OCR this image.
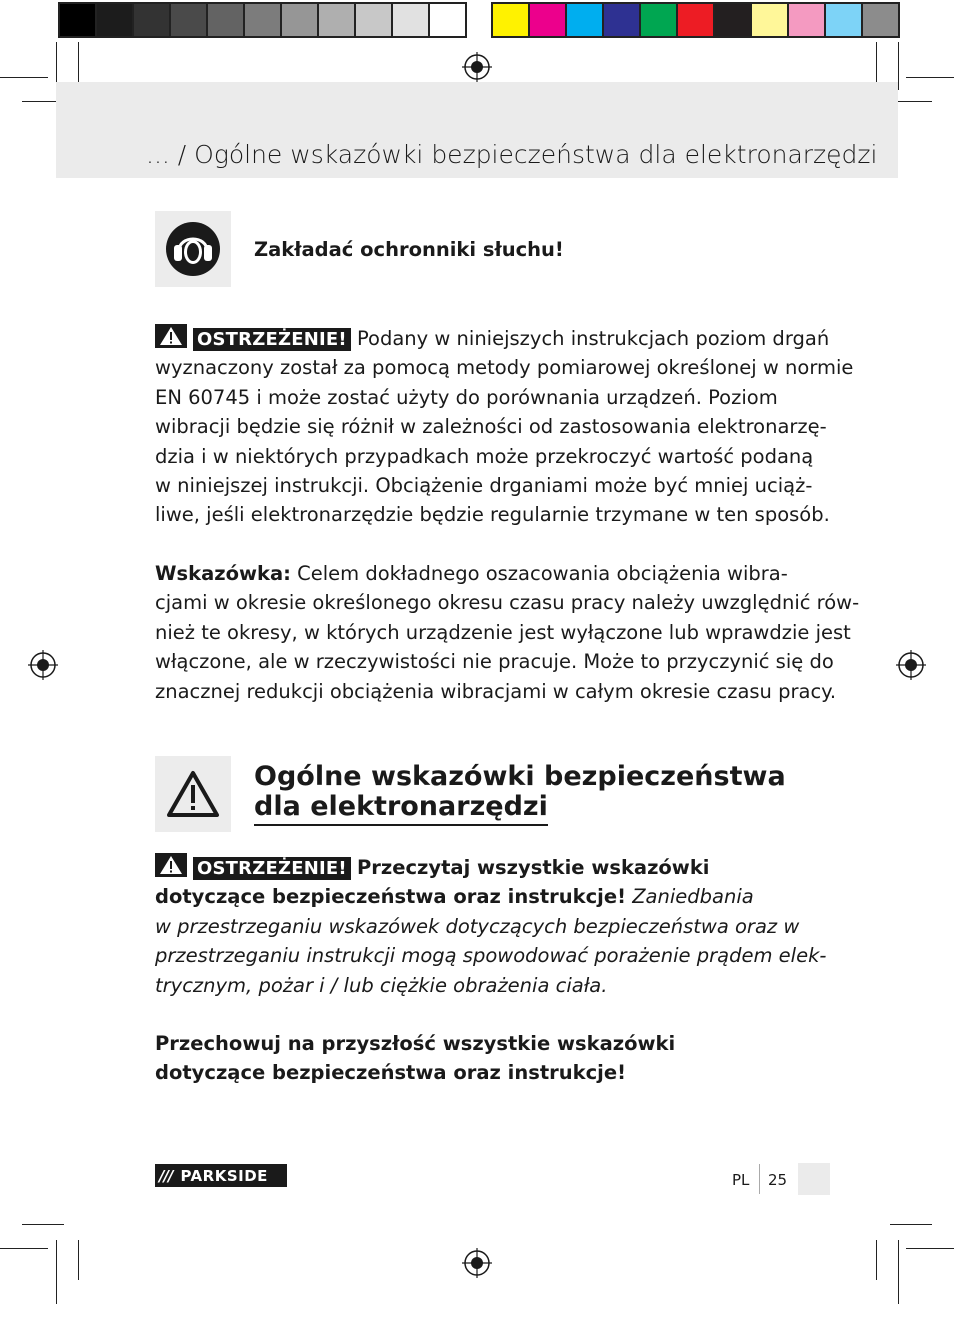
... / Ogólne wskazówki bezpieczeństwa dla elektronarzędzi
Zakładać ochronniki słuchu!
OSTRZEŻENIE! Podany w niniejszych instrukcjach poziom drgań
wyznaczony został za pomocą metody pomiarowej określonej w normie
EN 60745 i może zostać użyty do porównania urządzeń. Poziom
wibracji będzie się różnił w zależności od zastosowania elektronarzę-
dzia i w niektórych przypadkach może przekroczyć wartość podaną
w niniejszej instrukcji. Obciążenie drganiami może być mniej uciąż-
liwe, jeśli elektronarzędzie będzie regularnie trzymane w ten sposób.
Wskazówka: Celem dokładnego oszacowania obciążenia wibra-
cjami w okresie określonego okresu czasu pracy należy uwzględnić rów-
nież te okresy, w których urządzenie jest wyłączone lub wprawdzie jest
włączone, ale w rzeczywistości nie pracuje. Może to przyczynić się do
znacznej redukcji obciążenia wibracjami w całym okresie czasu pracy.
Ogólne wskazówki bezpieczeństwa
dla elektronarzędzi
OSTRZEŻENIE! Przeczytaj wszystkie wskazówki
dotyczące bezpieczeństwa oraz instrukcje! Zaniedbania
w przestrzeganiu wskazówek dotyczących bezpieczeństwa oraz w
przestrzeganiu instrukcji mogą spowodować porażenie prądem elek-
trycznym, pożar i / lub ciężkie obrażenia ciała.
Przechowuj na przyszłość wszystkie wskazówki
dotyczące bezpieczeństwa oraz instrukcje!
/// PARKSIDE	PL 25
